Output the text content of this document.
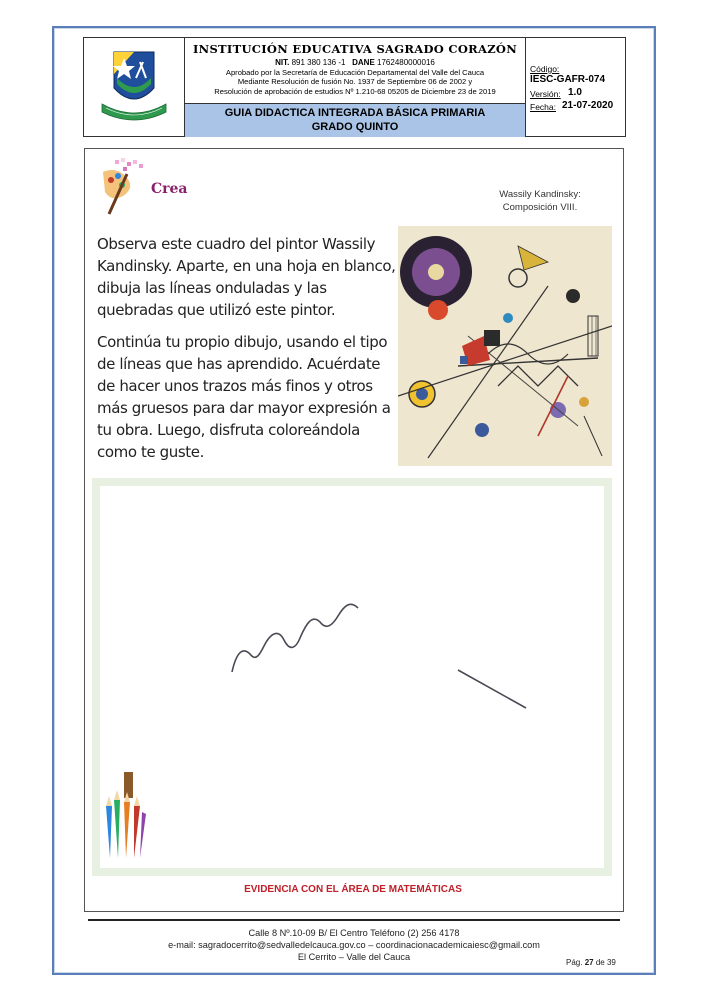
INSTITUCIÓN EDUCATIVA SAGRADO CORAZÓN
NIT. 891 380 136 -1 DANE 1762480000016
Aprobado por la Secretaría de Educación Departamental del Valle del Cauca
Mediante Resolución de fusión No. 1937 de Septiembre 06 de 2002 y
Resolución de aprobación de estudios Nº 1.210-68 05205 de Diciembre 23 de 2019
GUIA DIDACTICA INTEGRADA BÁSICA PRIMARIA
GRADO QUINTO
Código:
IESC-GAFR-074
Versión: 1.0
Fecha: 21-07-2020
Crea	Wassily Kandinsky:
Composición VIII.
Observa este cuadro del pintor Wassily Kandinsky. Aparte, en una hoja en blanco, dibuja las líneas onduladas y las quebradas que utilizó este pintor.
Continúa tu propio dibujo, usando el tipo de líneas que has aprendido. Acuérdate de hacer unos trazos más finos y otros más gruesos para dar mayor expresión a tu obra. Luego, disfruta coloreándola como te guste.
EVIDENCIA CON EL ÁREA DE MATEMÁTICAS
Calle 8 Nº.10-09 B/ El Centro Teléfono (2) 256 4178
e-mail: sagradocerrito@sedvalledelcauca.gov.co – coordinacionacademicaiesc@gmail.com
El Cerrito – Valle del Cauca
Pág. 27 de 39
